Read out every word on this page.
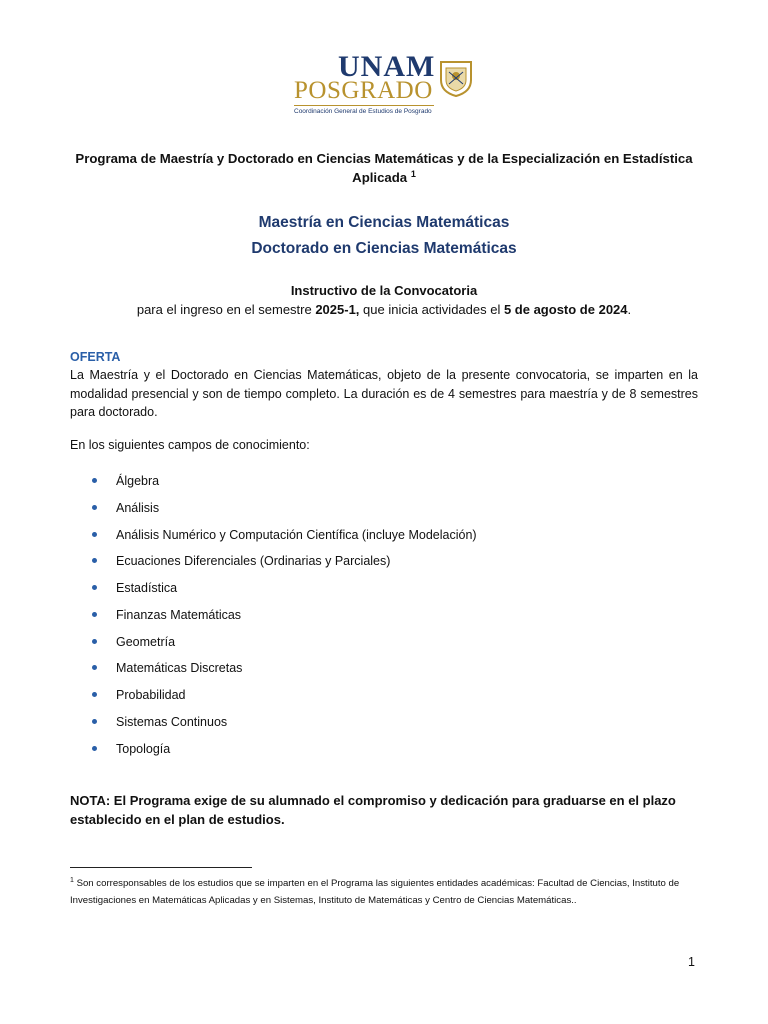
UNAM
POSGRADO
Coordinación General de Estudios de Posgrado
Programa de Maestría y Doctorado en Ciencias Matemáticas y de la Especialización en Estadística Aplicada $^1$
Maestría en Ciencias Matemáticas
Doctorado en Ciencias Matemáticas
Instructivo de la Convocatoria
para el ingreso en el semestre 2025-1, que inicia actividades el 5 de agosto de 2024.
OFERTA
La Maestría y el Doctorado en Ciencias Matemáticas, objeto de la presente convocatoria, se imparten en la modalidad presencial y son de tiempo completo. La duración es de 4 semestres para maestría y de 8 semestres para doctorado.
En los siguientes campos de conocimiento:
Álgebra
Análisis
Análisis Numérico y Computación Científica (incluye Modelación)
Ecuaciones Diferenciales (Ordinarias y Parciales)
Estadística
Finanzas Matemáticas
Geometría
Matemáticas Discretas
Probabilidad
Sistemas Continuos
Topología
NOTA: El Programa exige de su alumnado el compromiso y dedicación para graduarse en el plazo establecido en el plan de estudios.
$^1$ Son corresponsables de los estudios que se imparten en el Programa las siguientes entidades académicas: Facultad de Ciencias, Instituto de Investigaciones en Matemáticas Aplicadas y en Sistemas, Instituto de Matemáticas y Centro de Ciencias Matemáticas..
1
